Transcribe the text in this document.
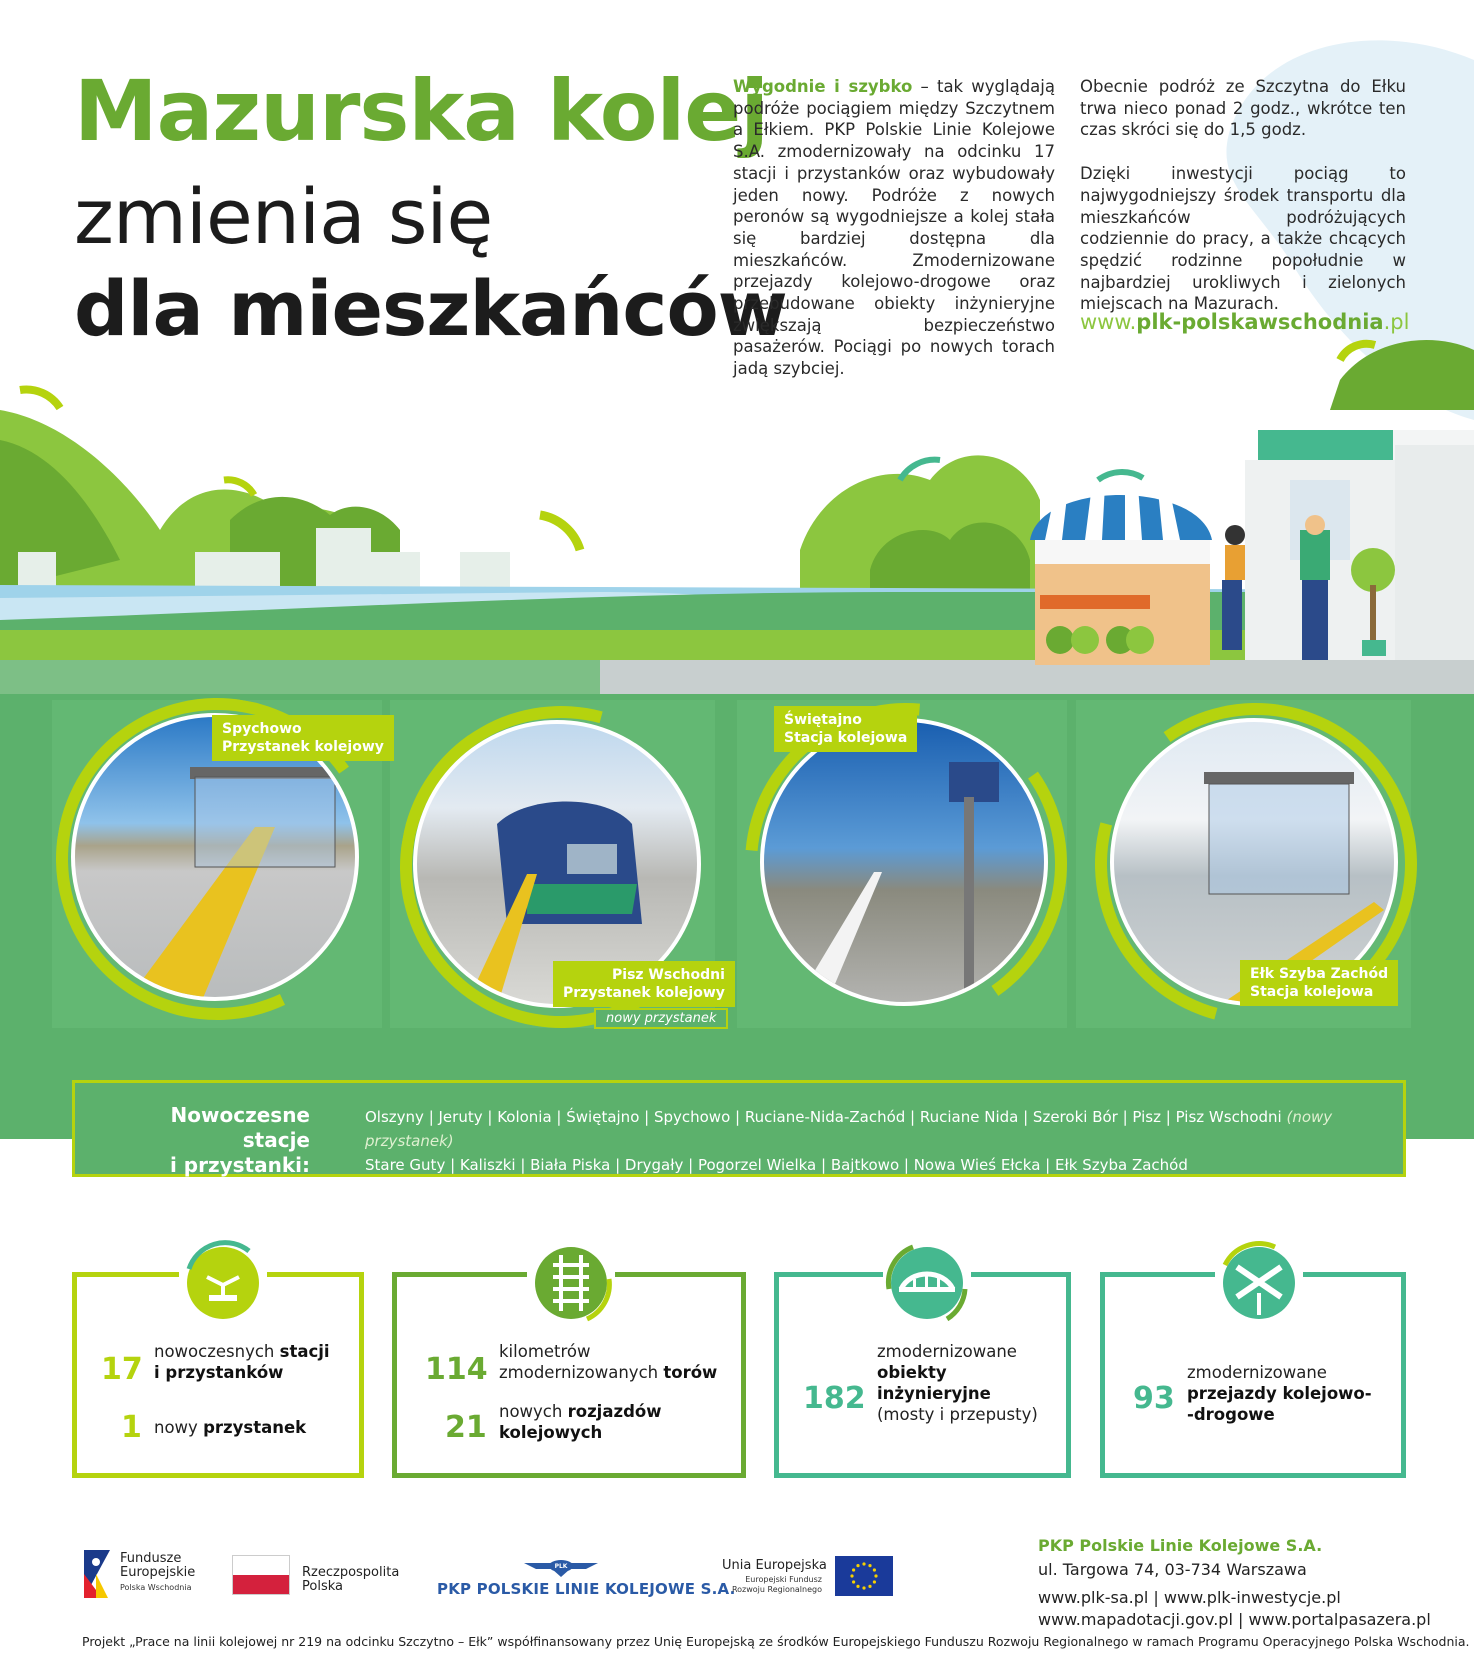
Mazurska kolej
zmienia się
dla mieszkańców
Wygodnie i szybko – tak wyglądają podróże pociągiem między Szczytnem a Ełkiem. PKP Polskie Linie Kolejowe S.A. zmodernizowały na odcinku 17 stacji i przystanków oraz wybudowały jeden nowy. Podróże z nowych peronów są wygodniejsze a kolej stała się bardziej dostępna dla mieszkańców. Zmodernizowane przejazdy kolejowo-drogowe oraz przebudowane obiekty inżynieryjne zwiększają bezpieczeństwo pasażerów. Pociągi po nowych torach jadą szybciej.

Obecnie podróż ze Szczytna do Ełku trwa nieco ponad 2 godz., wkrótce ten czas skróci się do 1,5 godz.

Dzięki inwestycji pociąg to najwygodniejszy środek transportu dla mieszkańców podróżujących codziennie do pracy, a także chcących spędzić rodzinne popołudnie w najbardziej urokliwych i zielonych miejscach na Mazurach.

www.plk-polskawschodnia.pl
Spychowo
Przystanek kolejowy
Pisz Wschodni
Przystanek kolejowy
nowy przystanek
Świętajno
Stacja kolejowa
Ełk Szyba Zachód
Stacja kolejowa
Nowoczesne stacje
i przystanki:
Olszyny | Jeruty | Kolonia | Świętajno | Spychowo | Ruciane-Nida-Zachód | Ruciane Nida | Szeroki Bór | Pisz | Pisz Wschodni (nowy przystanek)
Stare Guty | Kaliszki | Biała Piska | Drygały | Pogorzel Wielka | Bajtkowo | Nowa Wieś Ełcka | Ełk Szyba Zachód
17
nowoczesnych stacji
i przystanków
1 nowy przystanek
114
kilometrów
zmodernizowanych torów
21 nowych rozjazdów
kolejowych
182
zmodernizowane
obiekty
inżynieryjne
(mosty i przepusty)	93
zmodernizowane
przejazdy kolejowo-
-drogowe
Fundusze
Europejskie
Polska Wschodnia
Rzeczpospolita
Polska
PLK
PKP POLSKIE LINIE KOLEJOWE S.A.
Unia Europejska
Europejski Fundusz
Rozwoju Regionalnego
PKP Polskie Linie Kolejowe S.A.
ul. Targowa 74, 03-734 Warszawa
www.plk-sa.pl | www.plk-inwestycje.pl
www.mapadotacji.gov.pl | www.portalpasazera.pl
Projekt „Prace na linii kolejowej nr 219 na odcinku Szczytno – Ełk” współfinansowany przez Unię Europejską ze środków Europejskiego Funduszu Rozwoju Regionalnego w ramach Programu Operacyjnego Polska Wschodnia.
